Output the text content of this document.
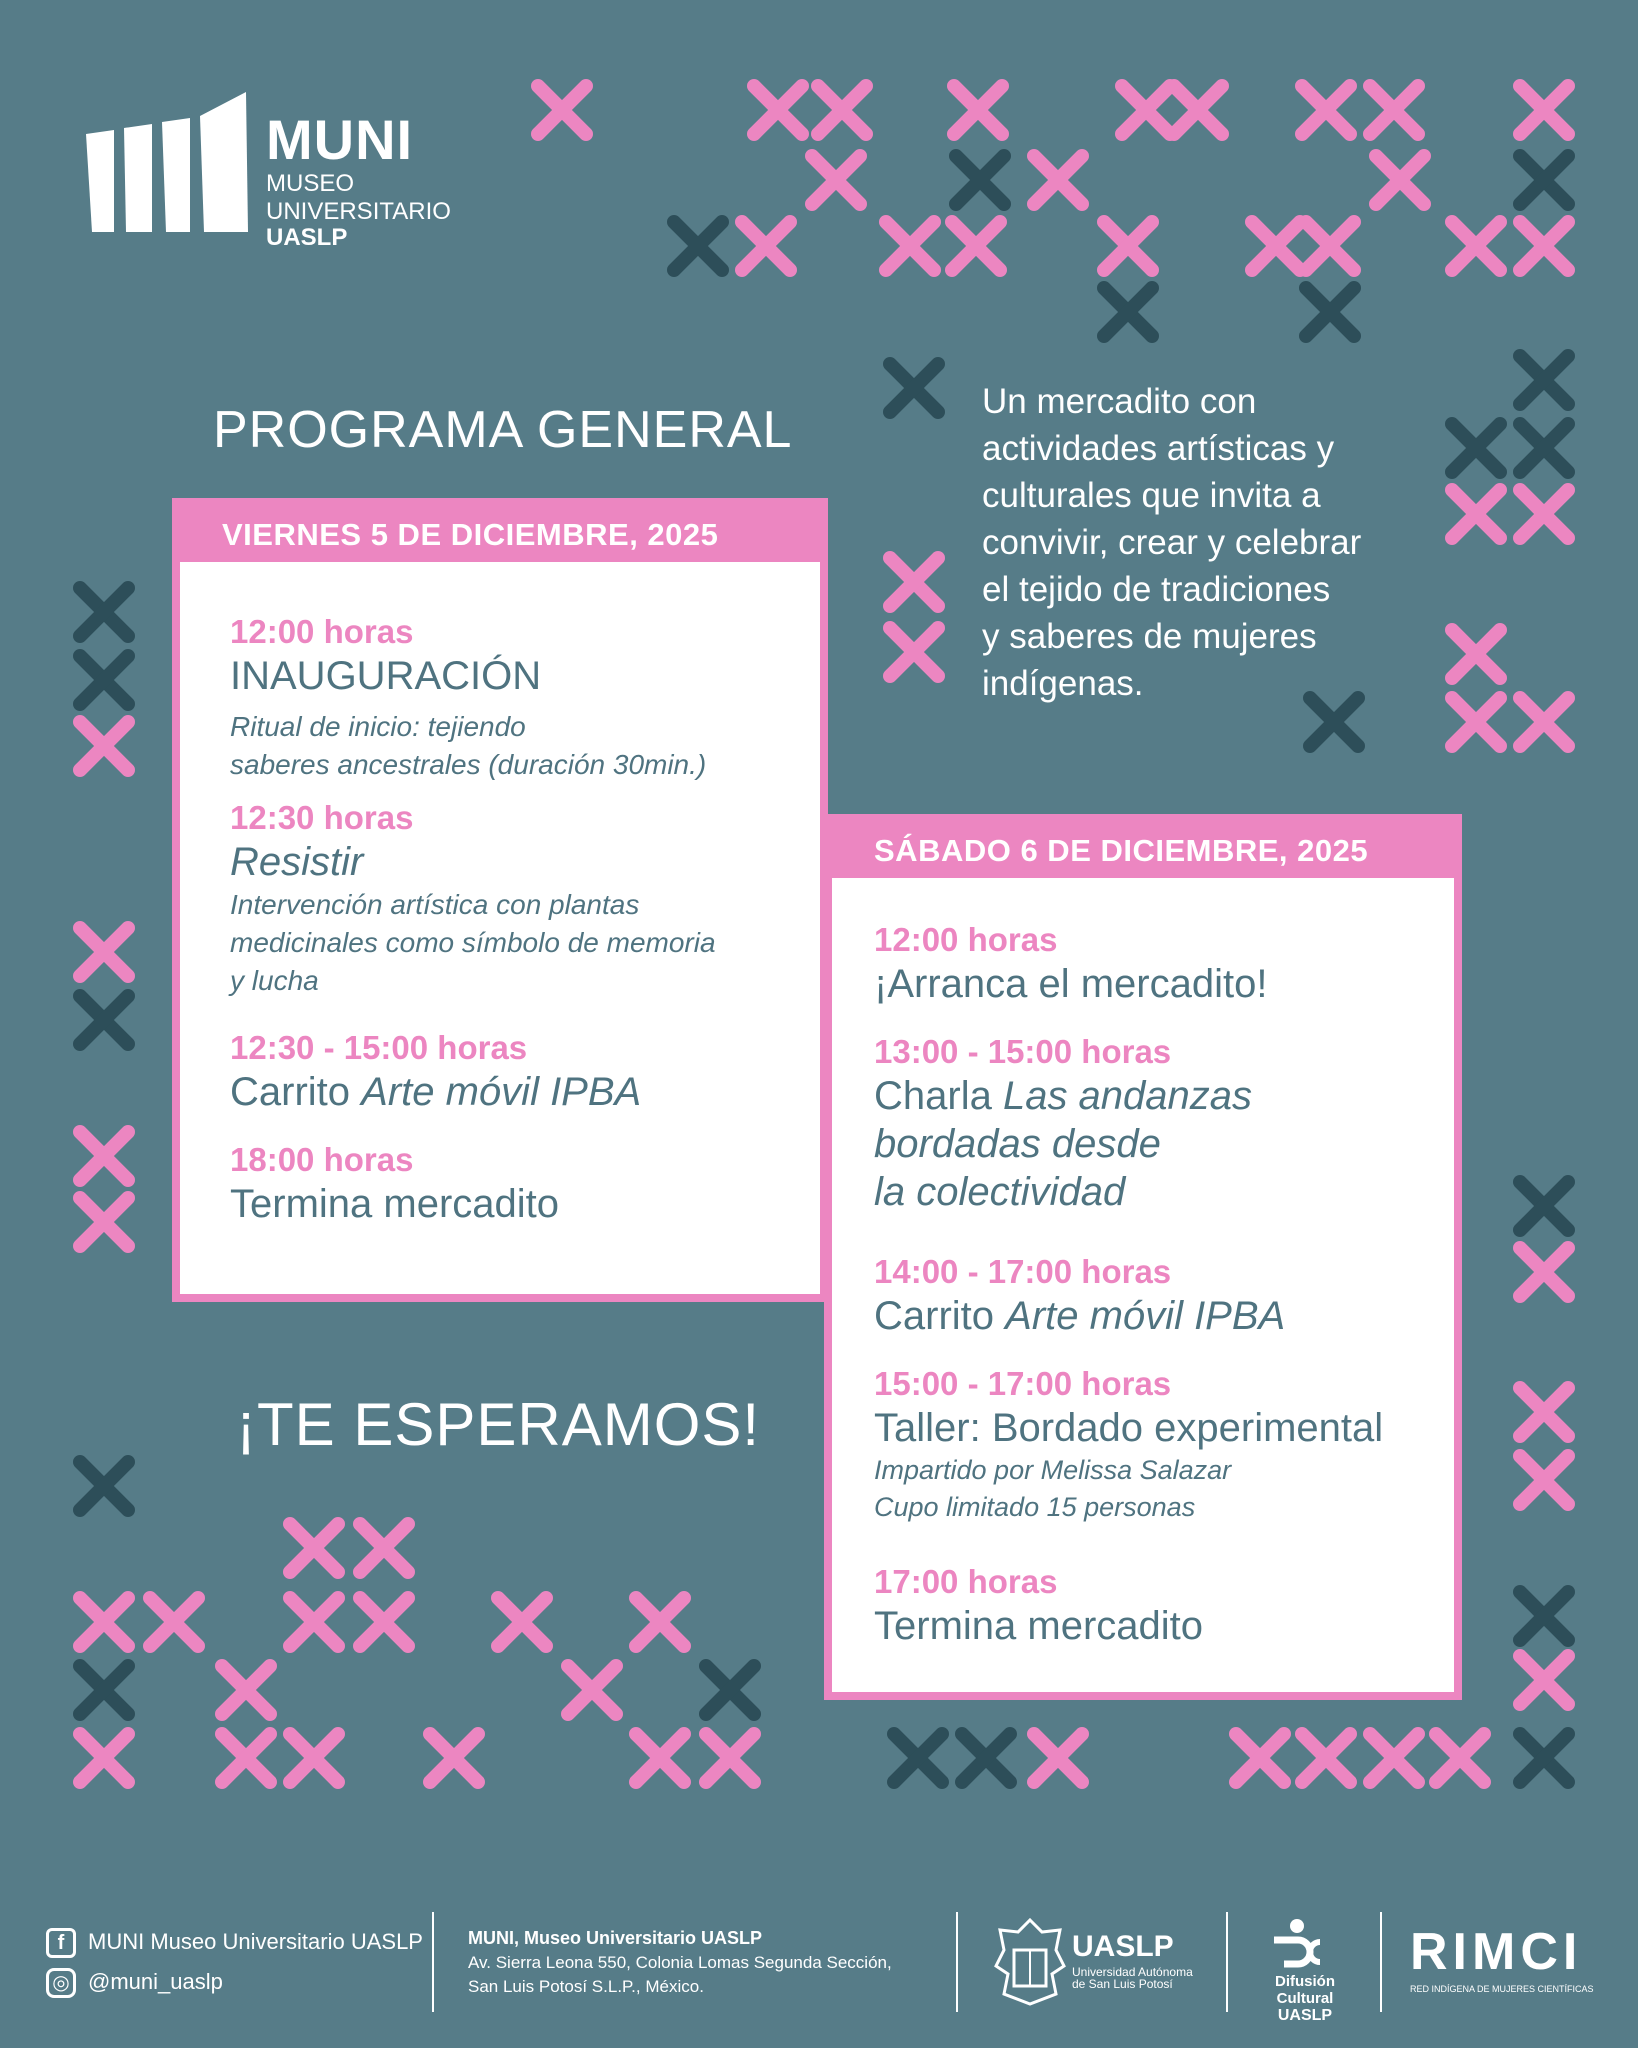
MUNI
MUSEO
UNIVERSITARIO
UASLP
PROGRAMA GENERAL	Un mercadito con
actividades artísticas y
culturales que invita a
convivir, crear y celebrar
el tejido de tradiciones
y saberes de mujeres
indígenas.
VIERNES 5 DE DICIEMBRE, 2025
12:00 horas
INAUGURACIÓN
Ritual de inicio: tejiendo
saberes ancestrales (duración 30min.)
12:30 horas
Resistir
Intervención artística con plantas
medicinales como símbolo de memoria
y lucha
12:30 - 15:00 horas
Carrito Arte móvil IPBA
18:00 horas
Termina mercadito
SÁBADO 6 DE DICIEMBRE, 2025
12:00 horas
¡Arranca el mercadito!
13:00 - 15:00 horas
Charla Las andanzas
bordadas desde
la colectividad
14:00 - 17:00 horas
Carrito Arte móvil IPBA
15:00 - 17:00 horas
Taller: Bordado experimental
Impartido por Melissa Salazar
Cupo limitado 15 personas
17:00 horas
Termina mercadito
¡TE ESPERAMOS!
f MUNI Museo Universitario UASLP
◎ @muni_uaslp
MUNI, Museo Universitario UASLP
Av. Sierra Leona 550, Colonia Lomas Segunda Sección,
San Luis Potosí S.L.P., México.
UASLP
Universidad Autónoma
de San Luis Potosí	Difusión Cultural
UASLP
RIMCI
RED INDÍGENA DE MUJERES CIENTÍFICAS
